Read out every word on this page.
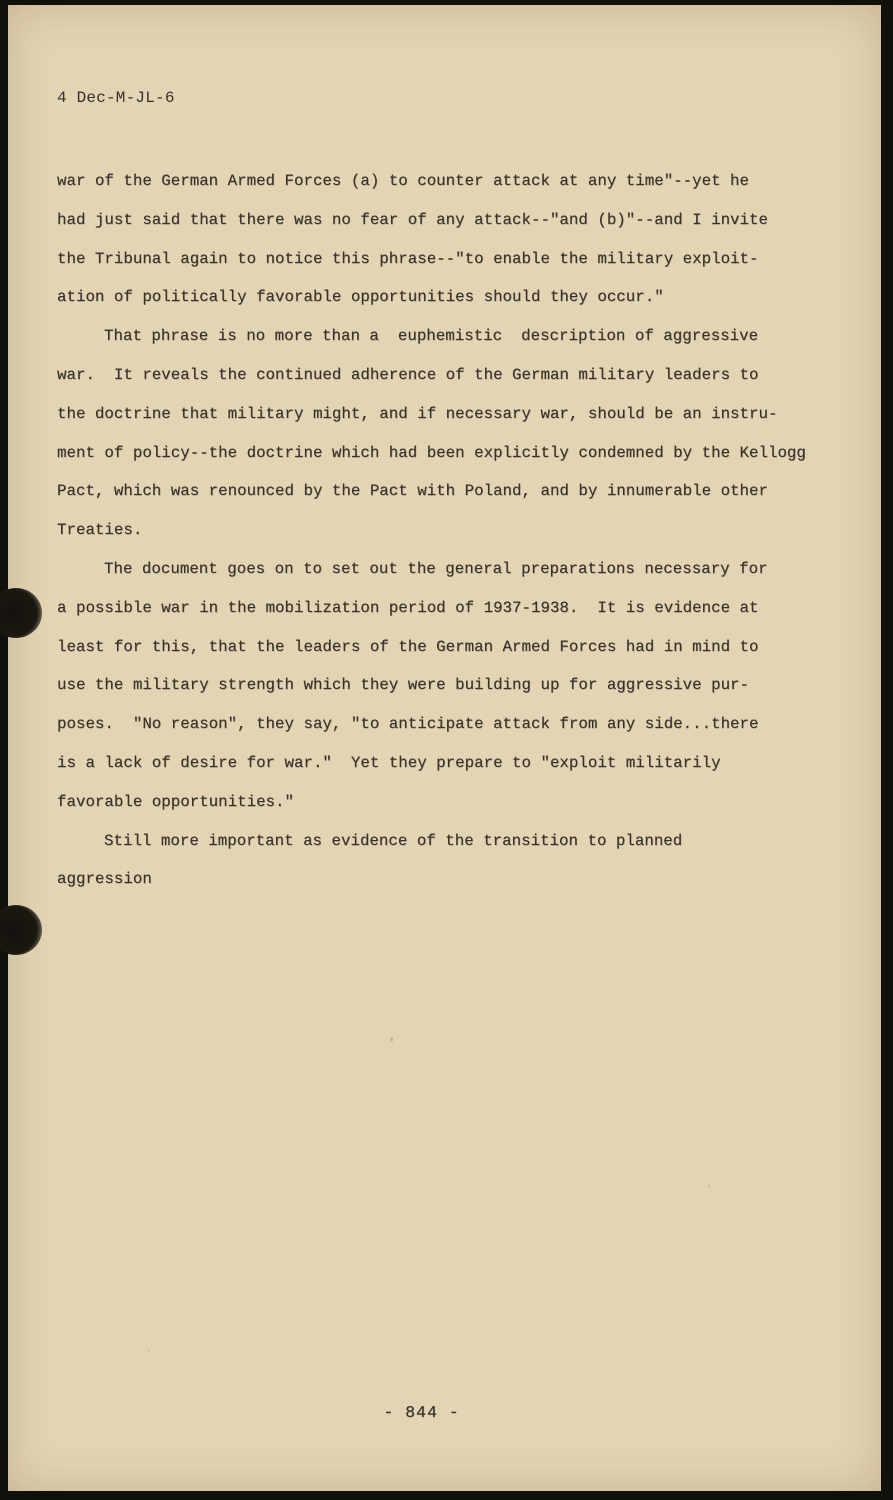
4 Dec-M-JL-6
war of the German Armed Forces (a) to counter attack at any time"--yet he
had just said that there was no fear of any attack--"and (b)"--and I invite
the Tribunal again to notice this phrase--"to enable the military exploit-
ation of politically favorable opportunities should they occur."
That phrase is no more than a  euphemistic  description of aggressive
war.  It reveals the continued adherence of the German military leaders to
the doctrine that military might, and if necessary war, should be an instru-
ment of policy--the doctrine which had been explicitly condemned by the Kellogg
Pact, which was renounced by the Pact with Poland, and by innumerable other
Treaties.
The document goes on to set out the general preparations necessary for
a possible war in the mobilization period of 1937-1938.  It is evidence at
least for this, that the leaders of the German Armed Forces had in mind to
use the military strength which they were building up for aggressive pur-
poses.  "No reason", they say, "to anticipate attack from any side...there
is a lack of desire for war."  Yet they prepare to "exploit militarily
favorable opportunities."
Still more important as evidence of the transition to planned
aggression
- 844 -
